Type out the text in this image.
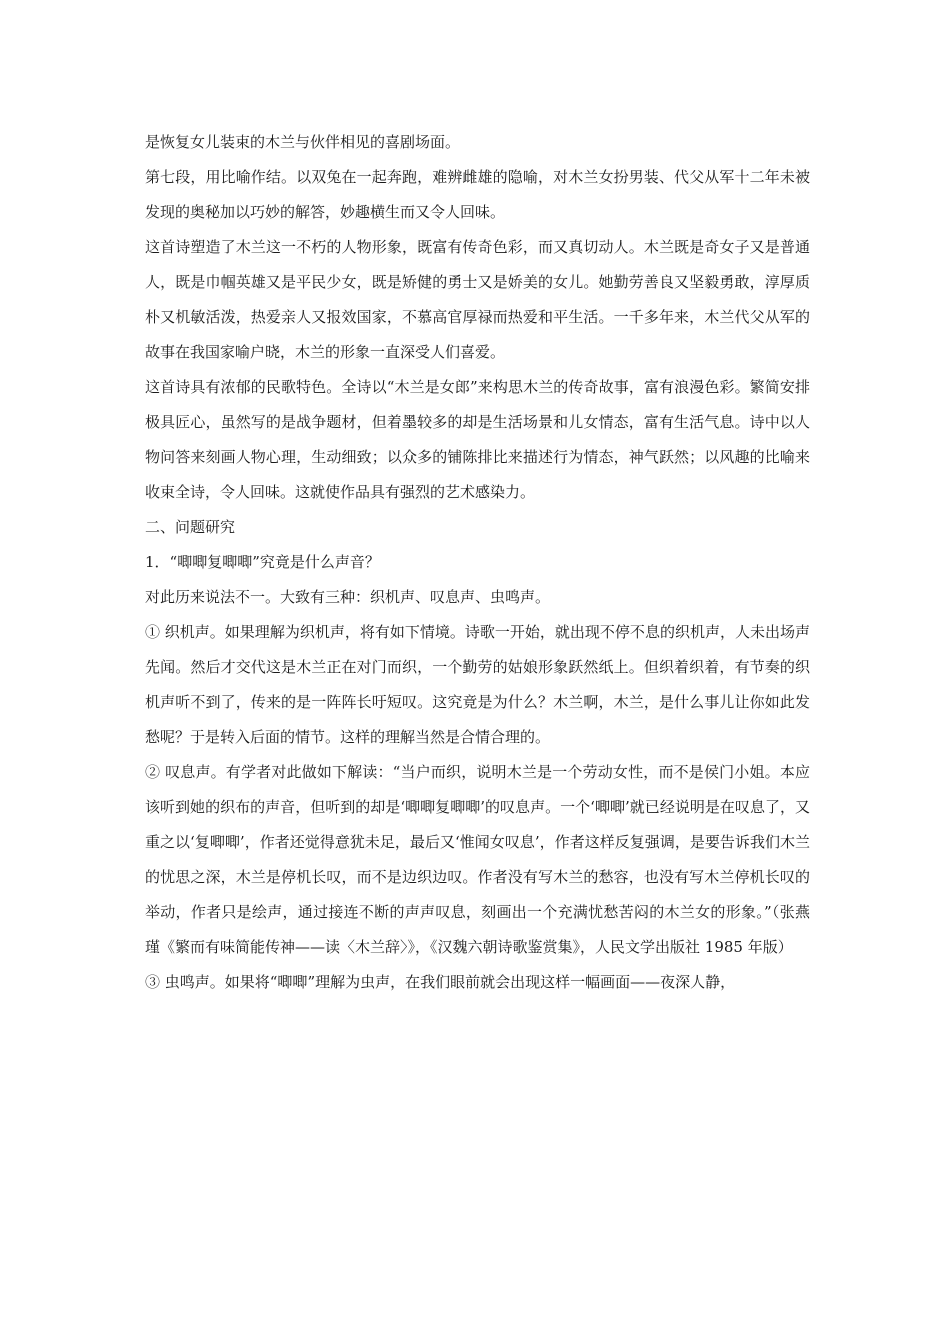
是恢复女儿装束的木兰与伙伴相见的喜剧场面。

第七段，用比喻作结。以双兔在一起奔跑，难辨雌雄的隐喻，对木兰女扮男装、代父从军十二年未被发现的奥秘加以巧妙的解答，妙趣横生而又令人回味。

这首诗塑造了木兰这一不朽的人物形象，既富有传奇色彩，而又真切动人。木兰既是奇女子又是普通人，既是巾帼英雄又是平民少女，既是矫健的勇士又是娇美的女儿。她勤劳善良又坚毅勇敢，淳厚质朴又机敏活泼，热爱亲人又报效国家，不慕高官厚禄而热爱和平生活。一千多年来，木兰代父从军的故事在我国家喻户晓，木兰的形象一直深受人们喜爱。

这首诗具有浓郁的民歌特色。全诗以“木兰是女郎”来构思木兰的传奇故事，富有浪漫色彩。繁简安排极具匠心，虽然写的是战争题材，但着墨较多的却是生活场景和儿女情态，富有生活气息。诗中以人物问答来刻画人物心理，生动细致；以众多的铺陈排比来描述行为情态，神气跃然；以风趣的比喻来收束全诗，令人回味。这就使作品具有强烈的艺术感染力。

二、问题研究

1．“唧唧复唧唧”究竟是什么声音？

对此历来说法不一。大致有三种：织机声、叹息声、虫鸣声。

① 织机声。如果理解为织机声，将有如下情境。诗歌一开始，就出现不停不息的织机声，人未出场声先闻。然后才交代这是木兰正在对门而织，一个勤劳的姑娘形象跃然纸上。但织着织着，有节奏的织机声听不到了，传来的是一阵阵长吁短叹。这究竟是为什么？木兰啊，木兰，是什么事儿让你如此发愁呢？于是转入后面的情节。这样的理解当然是合情合理的。

② 叹息声。有学者对此做如下解读：“当户而织，说明木兰是一个劳动女性，而不是侯门小姐。本应该听到她的织布的声音，但听到的却是‘唧唧复唧唧’的叹息声。一个‘唧唧’就已经说明是在叹息了，又重之以‘复唧唧’，作者还觉得意犹未足，最后又‘惟闻女叹息’，作者这样反复强调，是要告诉我们木兰的忧思之深，木兰是停机长叹，而不是边织边叹。作者没有写木兰的愁容，也没有写木兰停机长叹的举动，作者只是绘声，通过接连不断的声声叹息，刻画出一个充满忧愁苦闷的木兰女的形象。”（张燕瑾《繁而有味简能传神——读〈木兰辞〉》，《汉魏六朝诗歌鉴赏集》，人民文学出版社 1985 年版）

③ 虫鸣声。如果将“唧唧”理解为虫声，在我们眼前就会出现这样一幅画面——夜深人静，
